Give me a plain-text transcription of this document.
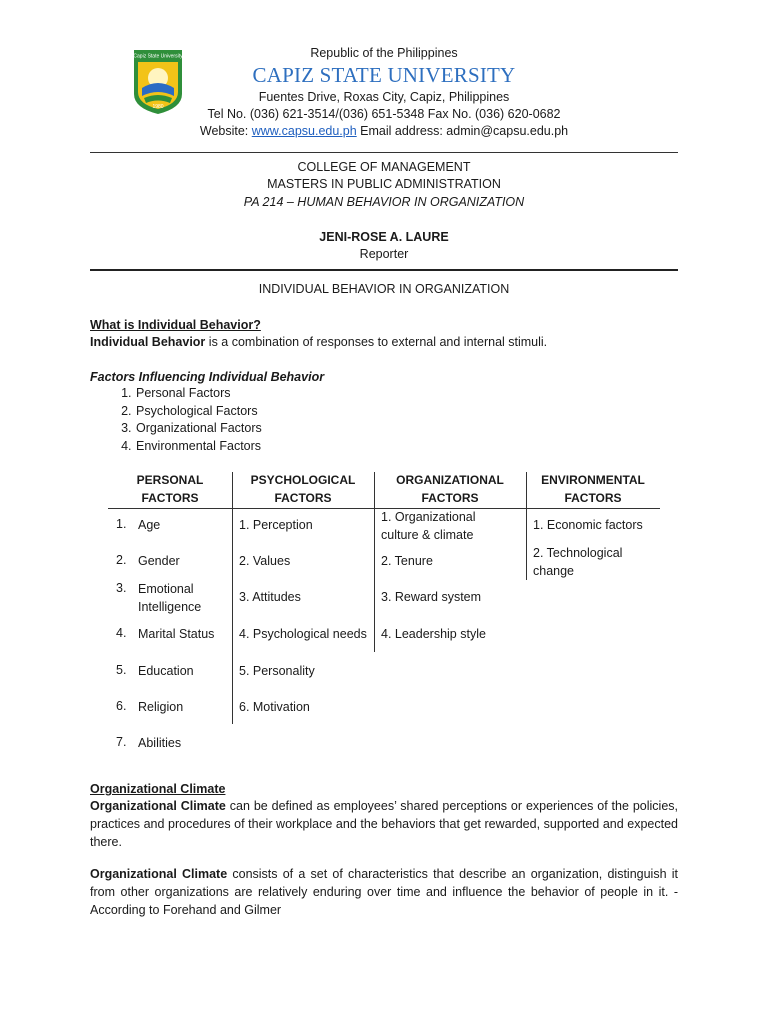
Capiz State University
1980
Republic of the Philippines
CAPIZ STATE UNIVERSITY
Fuentes Drive, Roxas City, Capiz, Philippines
Tel No. (036) 621-3514/(036) 651-5348 Fax No. (036) 620-0682
Website: www.capsu.edu.ph Email address: admin@capsu.edu.ph
COLLEGE OF MANAGEMENT
MASTERS IN PUBLIC ADMINISTRATION
PA 214 – HUMAN BEHAVIOR IN ORGANIZATION
JENI-ROSE A. LAURE
Reporter
INDIVIDUAL BEHAVIOR IN ORGANIZATION
What is Individual Behavior?
Individual Behavior is a combination of responses to external and internal stimuli.
Factors Influencing Individual Behavior
1. Personal Factors
2. Psychological Factors
3. Organizational Factors
4. Environmental Factors
PERSONAL
FACTORS
PSYCHOLOGICAL
FACTORS
ORGANIZATIONAL
FACTORS
ENVIRONMENTAL
FACTORS
1. Age
2. Gender
3. Emotional
Intelligence
4. Marital Status
5. Education
6. Religion
7. Abilities
1. Perception
2. Values
3. Attitudes
4. Psychological needs
5. Personality
6. Motivation
1. Organizational
culture & climate
2. Tenure
3. Reward system
4. Leadership style
1. Economic factors
2. Technological
change
Organizational Climate
Organizational Climate can be defined as employees’ shared perceptions or experiences of the policies, practices and procedures of their workplace and the behaviors that get rewarded, supported and expected there.
Organizational Climate consists of a set of characteristics that describe an organization, distinguish it from other organizations are relatively enduring over time and influence the behavior of people in it. - According to Forehand and Gilmer
